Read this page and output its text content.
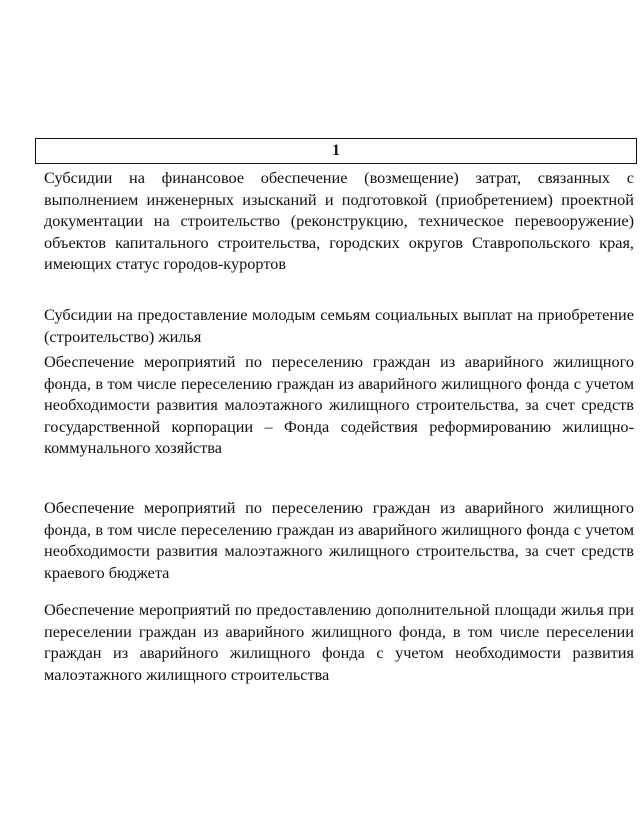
1

Субсидии на финансовое обеспечение (возмещение) затрат, связанных с выполнением инженерных изысканий и подготовкой (приобретением) проектной документации на строительство (реконструкцию, техническое перевооружение) объектов капитального строительства, городских округов Ставропольского края, имеющих статус городов-курортов

Субсидии на предоставление молодым семьям социальных выплат на приобретение (строительство) жилья

Обеспечение мероприятий по переселению граждан из аварийного жилищного фонда, в том числе переселению граждан из аварийного жилищного фонда с учетом необходимости развития малоэтажного жилищного строительства, за счет средств государственной корпорации – Фонда содействия реформированию жилищно-коммунального хозяйства

Обеспечение мероприятий по переселению граждан из аварийного жилищного фонда, в том числе переселению граждан из аварийного жилищного фонда с учетом необходимости развития малоэтажного жилищного строительства, за счет средств краевого бюджета

Обеспечение мероприятий по предоставлению дополнительной площади жилья при переселении граждан из аварийного жилищного фонда, в том числе переселении граждан из аварийного жилищного фонда с учетом необходимости развития малоэтажного жилищного строительства
